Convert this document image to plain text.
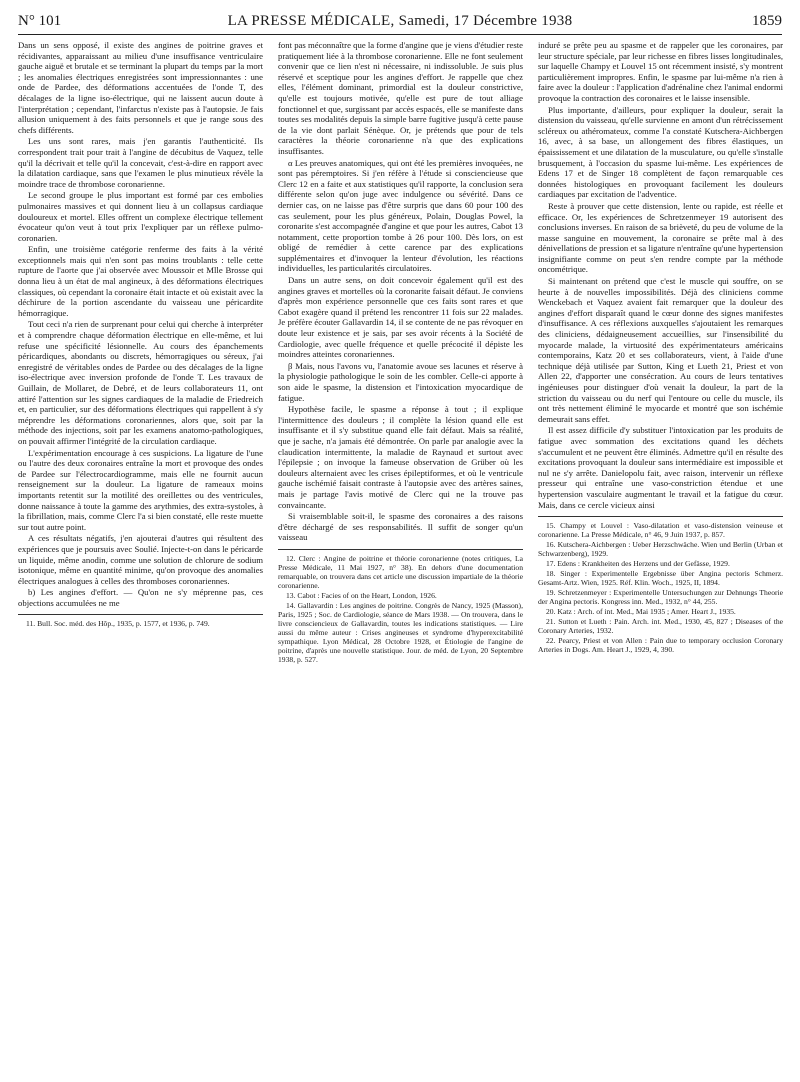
N° 101	LA PRESSE MÉDICALE, Samedi, 17 Décembre 1938	1859

Dans un sens opposé, il existe des angines de poitrine graves et récidivantes, apparaissant au milieu d'une insuffisance ventriculaire gauche aiguë et brutale et se terminant la plupart du temps par la mort ; les anomalies électriques enregistrées sont impressionnantes : une onde de Pardee, des déformations accentuées de l'onde T, des décalages de la ligne iso-électrique, qui ne laissent aucun doute à l'interprétation ; cependant, l'infarctus n'existe pas à l'autopsie. Je fais allusion uniquement à des faits personnels et que je range sous des chefs différents.

Les uns sont rares, mais j'en garantis l'authenticité. Ils correspondent trait pour trait à l'angine de décubitus de Vaquez, telle qu'il la décrivait et telle qu'il la concevait, c'est-à-dire en rapport avec la dilatation cardiaque, sans que l'examen le plus minutieux révèle la moindre trace de thrombose coronarienne.

Le second groupe le plus important est formé par ces embolies pulmonaires massives et qui donnent lieu à un collapsus cardiaque douloureux et mortel. Elles offrent un complexe électrique tellement évocateur qu'on veut à tout prix l'expliquer par un réflexe pulmo-coronarien.

Enfin, une troisième catégorie renferme des faits à la vérité exceptionnels mais qui n'en sont pas moins troublants : telle cette rupture de l'aorte que j'ai observée avec Moussoir et Mlle Brosse qui donna lieu à un état de mal angineux, à des déformations électriques classiques, où cependant la coronaire était intacte et où existait avec la déchirure de la portion ascendante du vaisseau une péricardite hémorragique.

Tout ceci n'a rien de surprenant pour celui qui cherche à interpréter et à comprendre chaque déformation électrique en elle-même, et lui refuse une spécificité lésionnelle. Au cours des épanchements péricardiques, abondants ou discrets, hémorragiques ou séreux, j'ai enregistré de véritables ondes de Pardee ou des décalages de la ligne iso-électrique avec inversion profonde de l'onde T. Les travaux de Guillain, de Mollaret, de Debré, et de leurs collaborateurs 11, ont attiré l'attention sur les signes cardiaques de la maladie de Friedreich et, en particulier, sur des déformations électriques qui rappellent à s'y méprendre les déformations coronariennes, alors que, soit par la méthode des injections, soit par les examens anatomo-pathologiques, on pouvait affirmer l'intégrité de la circulation cardiaque.

L'expérimentation encourage à ces suspicions. La ligature de l'une ou l'autre des deux coronaires entraîne la mort et provoque des ondes de Pardee sur l'électrocardiogramme, mais elle ne fournit aucun renseignement sur la douleur. La ligature de rameaux moins importants retentit sur la motilité des oreillettes ou des ventricules, donne naissance à toute la gamme des arythmies, des extra-systoles, à la fibrillation, mais, comme Clerc l'a si bien constaté, elle reste muette sur tout autre point.

A ces résultats négatifs, j'en ajouterai d'autres qui résultent des expériences que je poursuis avec Soulié. Injecte-t-on dans le péricarde un liquide, même anodin, comme une solution de chlorure de sodium isotonique, même en quantité minime, qu'on provoque des anomalies électriques analogues à celles des thromboses coronariennes.

b) Les angines d'effort. — Qu'on ne s'y méprenne pas, ces objections accumulées ne me

11. Bull. Soc. méd. des Hôp., 1935, p. 1577, et 1936, p. 749.

font pas méconnaître que la forme d'angine que je viens d'étudier reste pratiquement liée à la thrombose coronarienne. Elle ne font seulement convenir que ce lien n'est ni nécessaire, ni indissoluble. Je suis plus réservé et sceptique pour les angines d'effort. Je rappelle que chez elles, l'élément dominant, primordial est la douleur constrictive, qu'elle est toujours motivée, qu'elle est pure de tout alliage fonctionnel et que, surgissant par accès espacés, elle se manifeste dans toutes ses modalités depuis la simple barre fugitive jusqu'à cette pause de la vie dont parlait Sénèque. Or, je prétends que pour de tels caractères la théorie coronarienne n'a que des explications insuffisantes.

α Les preuves anatomiques, qui ont été les premières invoquées, ne sont pas péremptoires. Si j'en réfère à l'étude si consciencieuse que Clerc 12 en a faite et aux statistiques qu'il rapporte, la conclusion sera différente selon qu'on juge avec indulgence ou sévérité. Dans ce dernier cas, on ne laisse pas d'être surpris que dans 60 pour 100 des cas seulement, pour les plus généreux, Polain, Douglas Powel, la coronarite s'est accompagnée d'angine et que pour les autres, Cabot 13 notamment, cette proportion tombe à 26 pour 100. Dès lors, on est obligé de remédier à cette carence par des explications supplémentaires et d'invoquer la lenteur d'évolution, les réactions individuelles, les particularités circulatoires.

Dans un autre sens, on doit concevoir également qu'il est des angines graves et mortelles où la coronarite faisait défaut. Je conviens d'après mon expérience personnelle que ces faits sont rares et que Cabot exagère quand il prétend les rencontrer 11 fois sur 22 malades. Je préfère écouter Gallavardin 14, il se contente de ne pas révoquer en doute leur existence et je sais, par ses avoir récents à la Société de Cardiologie, avec quelle fréquence et quelle précocité il dépiste les moindres atteintes coronariennes.

β Mais, nous l'avons vu, l'anatomie avoue ses lacunes et réserve à la physiologie pathologique le soin de les combler. Celle-ci apporte à son aide le spasme, la distension et l'intoxication myocardique de fatigue.

Hypothèse facile, le spasme a réponse à tout ; il explique l'intermittence des douleurs ; il complète la lésion quand elle est insuffisante et il s'y substitue quand elle fait défaut. Mais sa réalité, que je sache, n'a jamais été démontrée. On parle par analogie avec la claudication intermittente, la maladie de Raynaud et surtout avec l'épilepsie ; on invoque la fameuse observation de Grüber où les douleurs alternaient avec les crises épileptiformes, et où le ventricule gauche ischémié faisait contraste à l'autopsie avec des artères saines, mais je partage l'avis motivé de Clerc qui ne la trouve pas convaincante.

Si vraisemblable soit-il, le spasme des coronaires a des raisons d'être déchargé de ses responsabilités. Il suffit de songer qu'un vaisseau

12. Clerc : Angine de poitrine et théorie coronarienne (notes critiques, La Presse Médicale, 11 Mai 1927, n° 38). En dehors d'une documentation remarquable, on trouvera dans cet article une discussion impartiale de la théorie coronarienne.

13. Cabot : Facies of on the Heart, London, 1926.

14. Gallavardin : Les angines de poitrine. Congrès de Nancy, 1925 (Masson), Paris, 1925 ; Soc. de Cardiologie, séance de Mars 1938. — On trouvera, dans le livre consciencieux de Gallavardin, toutes les indications statistiques. — Lire aussi du même auteur : Crises angineuses et syndrome d'hyperexcitabilité sympathique. Lyon Médical, 28 Octobre 1928, et Étiologie de l'angine de poitrine, d'après une nouvelle statistique. Jour. de méd. de Lyon, 20 Septembre 1938, p. 527.

induré se prête peu au spasme et de rappeler que les coronaires, par leur structure spéciale, par leur richesse en fibres lisses longitudinales, sur laquelle Champy et Louvel 15 ont récemment insisté, s'y montrent particulièrement impropres. Enfin, le spasme par lui-même n'a rien à faire avec la douleur : l'application d'adrénaline chez l'animal endormi provoque la contraction des coronaires et le laisse insensible.

Plus importante, d'ailleurs, pour expliquer la douleur, serait la distension du vaisseau, qu'elle survienne en amont d'un rétrécissement scléreux ou athéromateux, comme l'a constaté Kutschera-Aichbergen 16, avec, à sa base, un allongement des fibres élastiques, un épaississement et une dilatation de la musculature, ou qu'elle s'installe brusquement, à l'occasion du spasme lui-même. Les expériences de Edens 17 et de Singer 18 complètent de façon remarquable ces données histologiques en provoquant facilement les douleurs cardiaques par excitation de l'adventice.

Reste à prouver que cette distension, lente ou rapide, est réelle et efficace. Or, les expériences de Schretzenmeyer 19 autorisent des conclusions inverses. En raison de sa brièveté, du peu de volume de la masse sanguine en mouvement, la coronaire se prête mal à des dénivellations de pression et sa ligature n'entraîne qu'une hypertension insignifiante comme on peut s'en rendre compte par la méthode oncométrique.

Si maintenant on prétend que c'est le muscle qui souffre, on se heurte à de nouvelles impossibilités. Déjà des cliniciens comme Wenckebach et Vaquez avaient fait remarquer que la douleur des angines d'effort disparaît quand le cœur donne des signes manifestes d'insuffisance. A ces réflexions auxquelles s'ajoutaient les remarques des cliniciens, dédaigneusement accueillies, sur l'insensibilité du myocarde malade, la virtuosité des expérimentateurs américains contemporains, Katz 20 et ses collaborateurs, vient, à l'aide d'une technique déjà utilisée par Sutton, King et Lueth 21, Priest et von Allen 22, d'apporter une consécration. Au cours de leurs tentatives ingénieuses pour distinguer d'où venait la douleur, la part de la striction du vaisseau ou du nerf qui l'entoure ou celle du muscle, ils ont très nettement éliminé le myocarde et montré que son ischémie demeurait sans effet.

Il est assez difficile d'y substituer l'intoxication par les produits de fatigue avec sommation des excitations quand les déchets s'accumulent et ne peuvent être éliminés. Admettre qu'il en résulte des excitations provoquant la douleur sans intermédiaire est impossible et nul ne s'y arrête. Danielopolu fait, avec raison, intervenir un réflexe presseur qui entraîne une vaso-constriction étendue et une hypertension vasculaire augmentant le travail et la fatigue du cœur. Mais, dans ce cercle vicieux ainsi

15. Champy et Louvel : Vaso-dilatation et vaso-distension veineuse et coronarienne. La Presse Médicale, n° 46, 9 Juin 1937, p. 857.

16. Kutschera-Aichbergen : Ueber Herzschwäche. Wien und Berlin (Urban et Schwarzenberg), 1929.

17. Edens : Krankheiten des Herzens und der Gefässe, 1929.

18. Singer : Experimentelle Ergebnisse über Angina pectoris Schmerz. Gesamt-Artz. Wien, 1925. Réf. Klin. Woch., 1925, II, 1894.

19. Schretzenmeyer : Experimentelle Untersuchungen zur Dehnungs Theorie der Angina pectoris. Kongress inn. Med., 1932, n° 44, 255.

20. Katz : Arch. of int. Med., Mai 1935 ; Amer. Heart J., 1935.

21. Sutton et Lueth : Pain. Arch. int. Med., 1930, 45, 827 ; Diseases of the Coronary Arteries, 1932.

22. Pearcy, Priest et von Allen : Pain due to temporary occlusion Coronary Arteries in Dogs. Am. Heart J., 1929, 4, 390.
